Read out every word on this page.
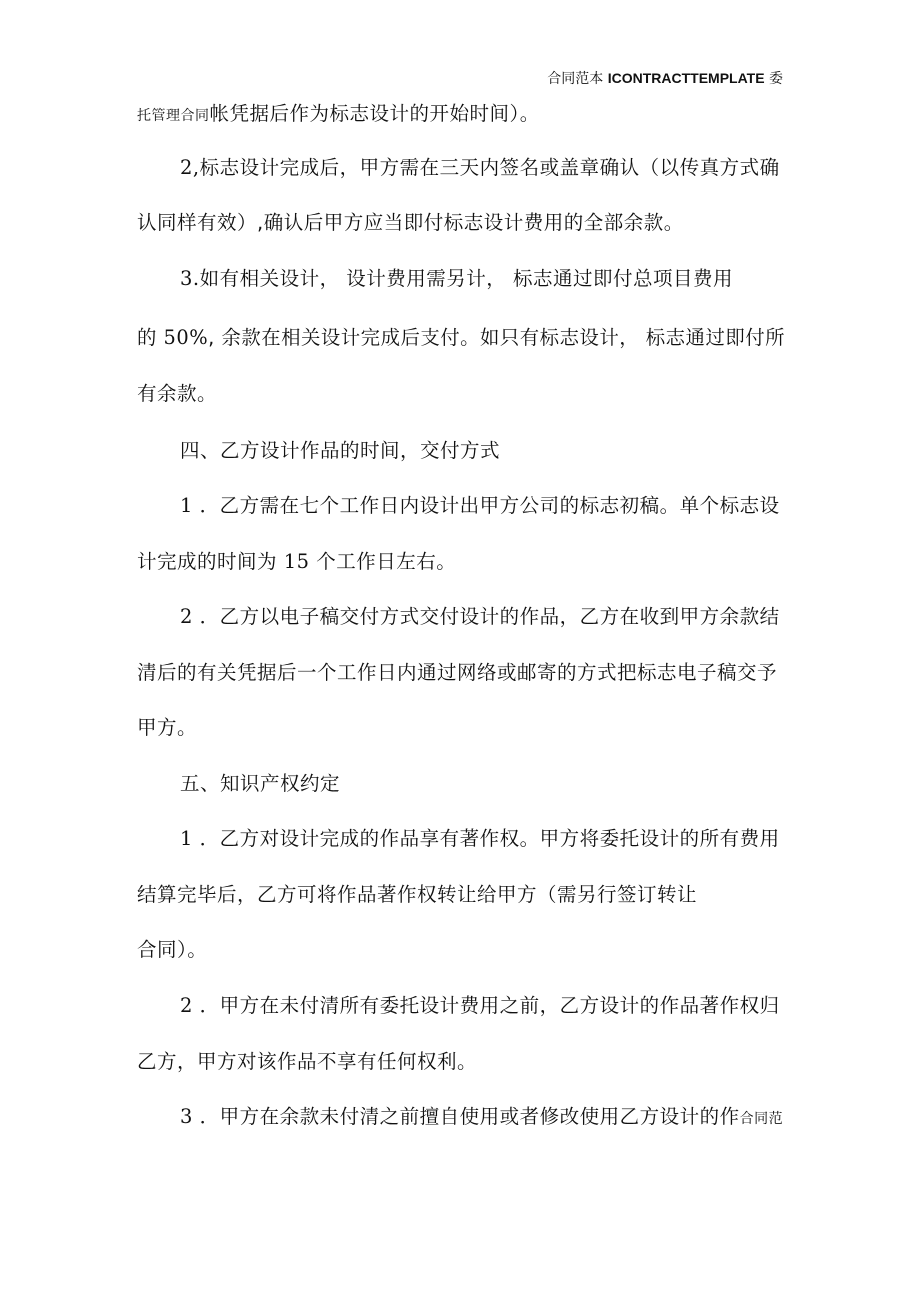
合同范本 ICONTRACTTEMPLATE 委
托管理合同帐凭据后作为标志设计的开始时间）。
2,标志设计完成后，甲方需在三天内签名或盖章确认（以传真方式确
认同样有效）,确认后甲方应当即付标志设计费用的全部余款。
3.如有相关设计， 设计费用需另计， 标志通过即付总项目费用
的 50%, 余款在相关设计完成后支付。如只有标志设计， 标志通过即付所
有余款。
四、乙方设计作品的时间，交付方式
1 ．乙方需在七个工作日内设计出甲方公司的标志初稿。单个标志设
计完成的时间为 15 个工作日左右。
2 ．乙方以电子稿交付方式交付设计的作品，乙方在收到甲方余款结
清后的有关凭据后一个工作日内通过网络或邮寄的方式把标志电子稿交予
甲方。
五、知识产权约定
1 ．乙方对设计完成的作品享有著作权。甲方将委托设计的所有费用
结算完毕后，乙方可将作品著作权转让给甲方（需另行签订转让
合同）。
2 ．甲方在未付清所有委托设计费用之前，乙方设计的作品著作权归
乙方，甲方对该作品不享有任何权利。
3 ．甲方在余款未付清之前擅自使用或者修改使用乙方设计的作合同范
